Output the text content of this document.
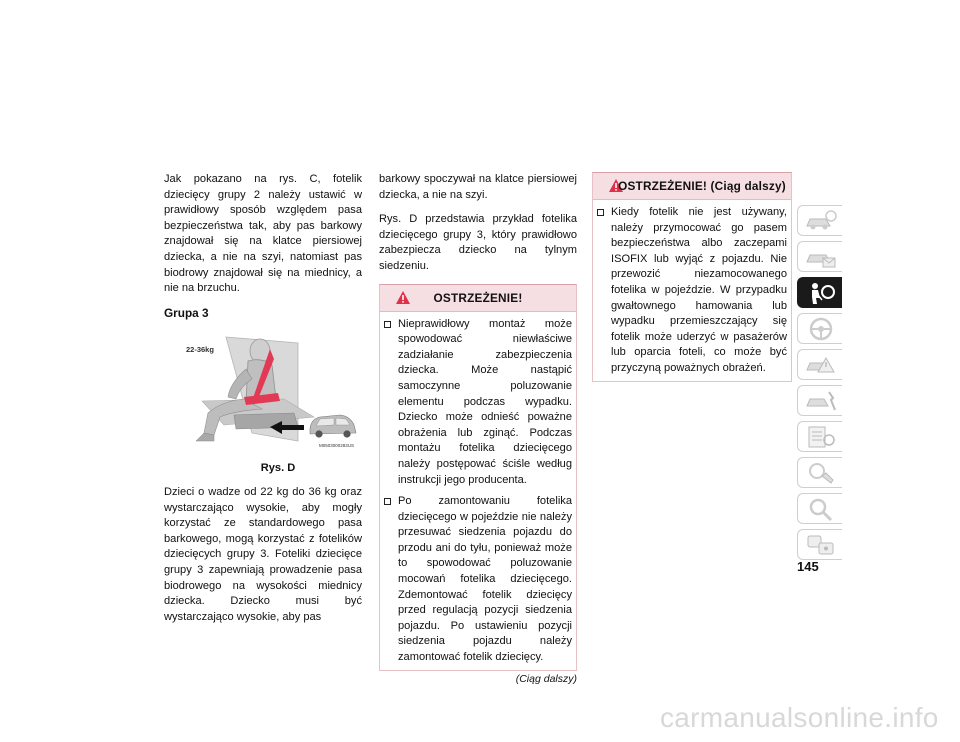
Jak pokazano na rys. C, fotelik dziecięcy grupy 2 należy ustawić w prawidłowy sposób względem pasa bezpieczeństwa tak, aby pas barkowy znajdował się na klatce piersiowej dziecka, a nie na szyi, natomiast pas biodrowy znajdował się na miednicy, a nie na brzuchu.

Grupa 3
22-36kg
M0503000283US
Rys. D

Dzieci o wadze od 22 kg do 36 kg oraz wystarczająco wysokie, aby mogły korzystać ze standardowego pasa barkowego, mogą korzystać z fotelików dziecięcych grupy 3. Foteliki dziecięce grupy 3 zapewniają prowadzenie pasa biodrowego na wysokości miednicy dziecka. Dziecko musi być wystarczająco wysokie, aby pas

barkowy spoczywał na klatce piersiowej dziecka, a nie na szyi.

Rys. D przedstawia przykład fotelika dziecięcego grupy 3, który prawidłowo zabezpiecza dziecko na tylnym siedzeniu.

OSTRZEŻENIE!
Nieprawidłowy montaż może spowodować niewłaściwe zadziałanie zabezpieczenia dziecka. Może nastąpić samoczynne poluzowanie elementu podczas wypadku. Dziecko może odnieść poważne obrażenia lub zginąć. Podczas montażu fotelika dziecięcego należy postępować ściśle według instrukcji jego producenta.
Po zamontowaniu fotelika dziecięcego w pojeździe nie należy przesuwać siedzenia pojazdu do przodu ani do tyłu, ponieważ może to spowodować poluzowanie mocowań fotelika dziecięcego. Zdemontować fotelik dziecięcy przed regulacją pozycji siedzenia pojazdu. Po ustawieniu pozycji siedzenia pojazdu należy zamontować fotelik dziecięcy.
(Ciąg dalszy)
OSTRZEŻENIE! (Ciąg dalszy)
Kiedy fotelik nie jest używany, należy przymocować go pasem bezpieczeństwa albo zaczepami ISOFIX lub wyjąć z pojazdu. Nie przewozić niezamocowanego fotelika w pojeździe. W przypadku gwałtownego hamowania lub wypadku przemieszczający się fotelik może uderzyć w pasażerów lub oparcia foteli, co może być przyczyną poważnych obrażeń.
145
carmanualsonline.info
